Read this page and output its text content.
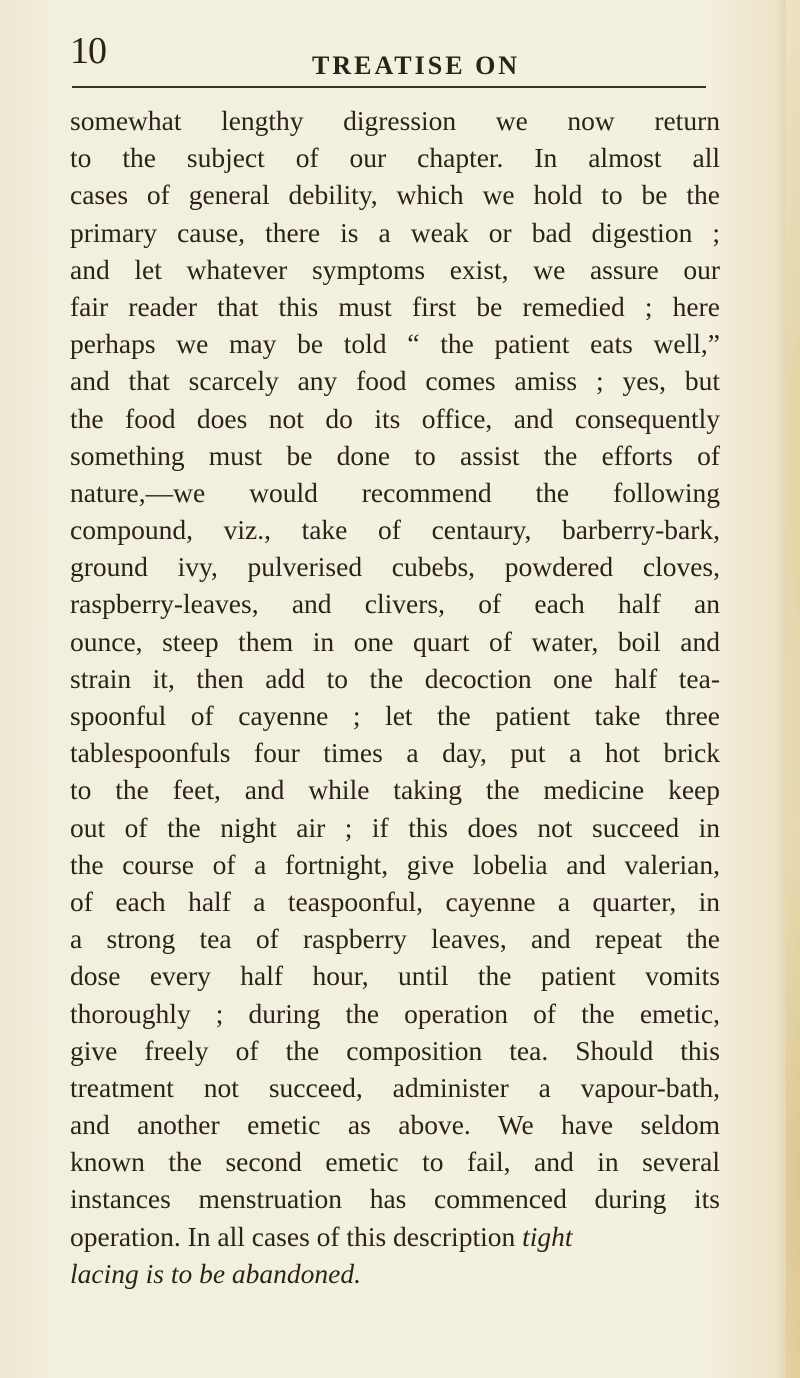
10	TREATISE ON
somewhat lengthy digression we now return
to the subject of our chapter. In almost all
cases of general debility, which we hold to be the
primary cause, there is a weak or bad digestion ;
and let whatever symptoms exist, we assure our
fair reader that this must first be remedied ; here
perhaps we may be told “ the patient eats well,”
and that scarcely any food comes amiss ; yes, but
the food does not do its office, and consequently
something must be done to assist the efforts of
nature,—we would recommend the following
compound, viz., take of centaury, barberry-bark,
ground ivy, pulverised cubebs, powdered cloves,
raspberry-leaves, and clivers, of each half an
ounce, steep them in one quart of water, boil and
strain it, then add to the decoction one half tea-
spoonful of cayenne ; let the patient take three
tablespoonfuls four times a day, put a hot brick
to the feet, and while taking the medicine keep
out of the night air ; if this does not succeed in
the course of a fortnight, give lobelia and valerian,
of each half a teaspoonful, cayenne a quarter, in
a strong tea of raspberry leaves, and repeat the
dose every half hour, until the patient vomits
thoroughly ; during the operation of the emetic,
give freely of the composition tea. Should this
treatment not succeed, administer a vapour-bath,
and another emetic as above. We have seldom
known the second emetic to fail, and in several
instances menstruation has commenced during its
operation. In all cases of this description tight
lacing is to be abandoned.
